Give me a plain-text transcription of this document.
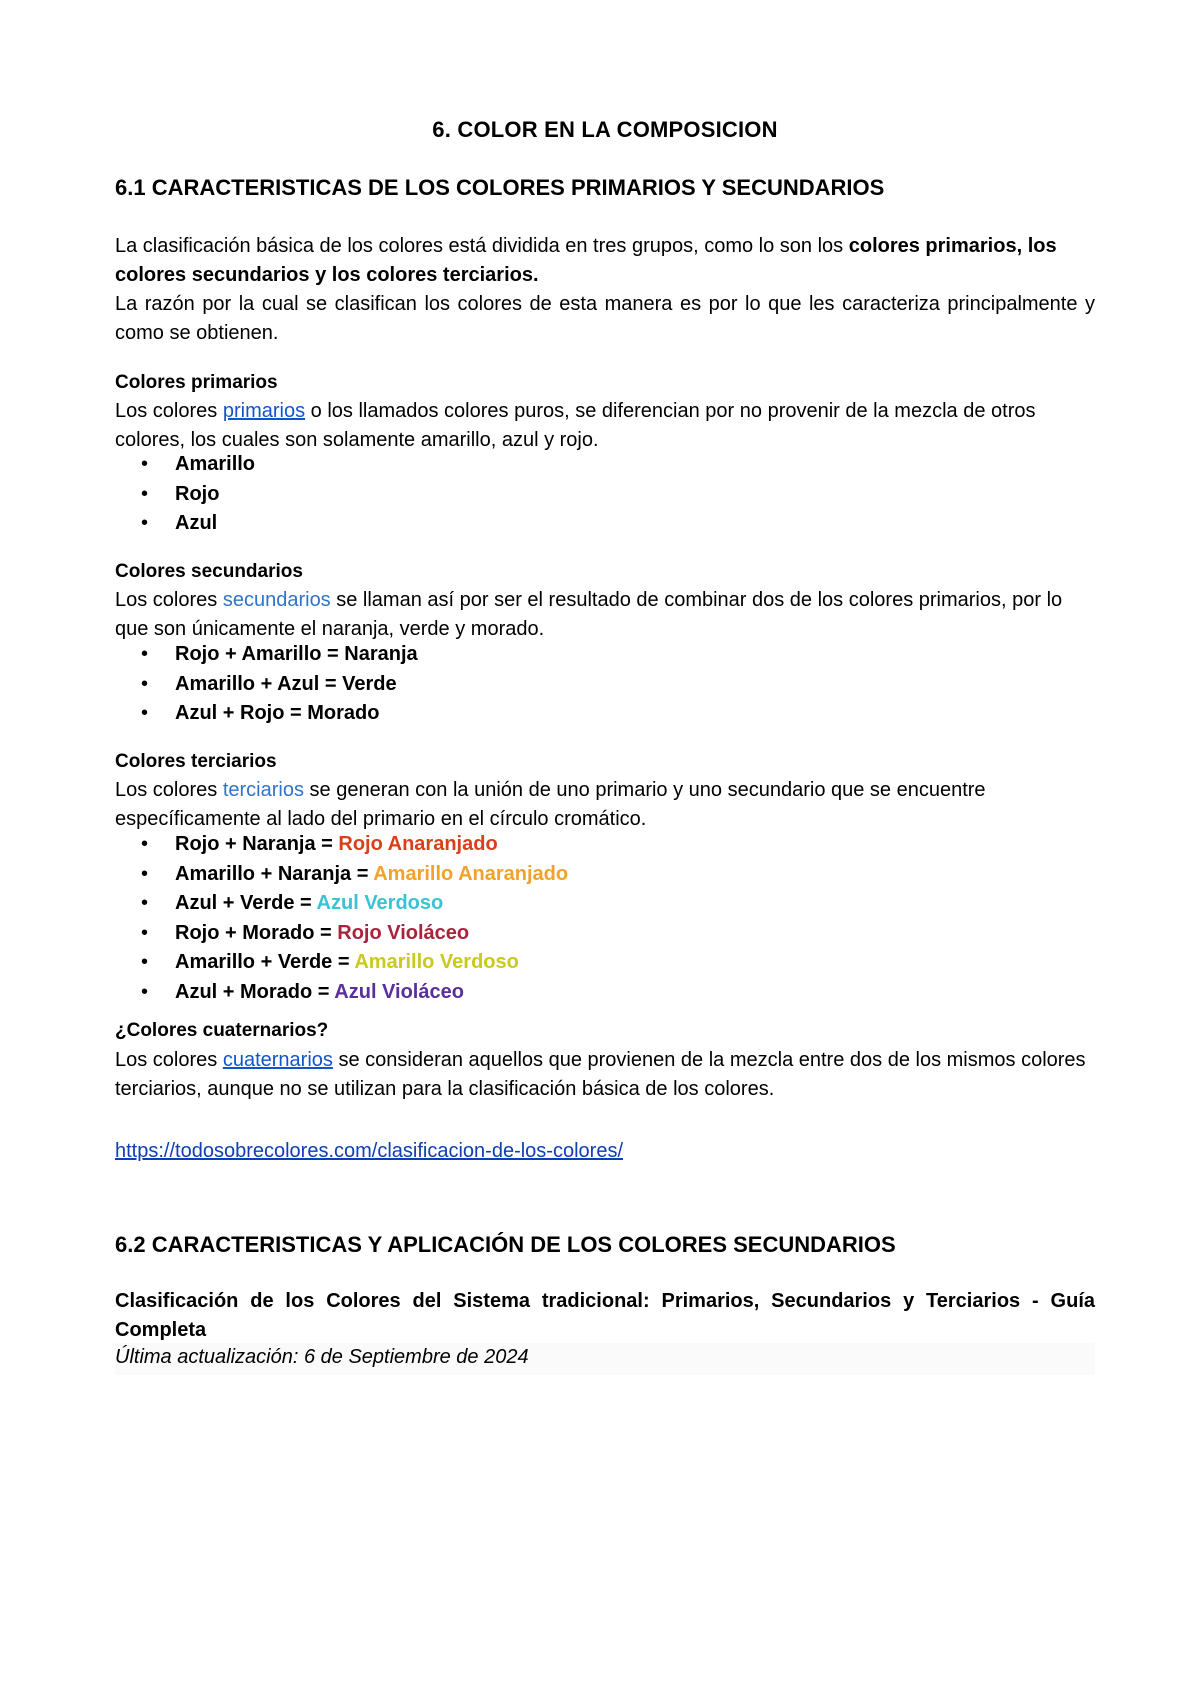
6. COLOR EN LA COMPOSICION
6.1 CARACTERISTICAS DE LOS COLORES PRIMARIOS Y SECUNDARIOS
La clasificación básica de los colores está dividida en tres grupos, como lo son los colores primarios, los colores secundarios y los colores terciarios.
La razón por la cual se clasifican los colores de esta manera es por lo que les caracteriza principalmente y como se obtienen.
Colores primarios
Los colores primarios o los llamados colores puros, se diferencian por no provenir de la mezcla de otros colores, los cuales son solamente amarillo, azul y rojo.
• Amarillo
• Rojo
• Azul
Colores secundarios
Los colores secundarios se llaman así por ser el resultado de combinar dos de los colores primarios, por lo que son únicamente el naranja, verde y morado.
• Rojo + Amarillo = Naranja
• Amarillo + Azul = Verde
• Azul + Rojo = Morado
Colores terciarios
Los colores terciarios se generan con la unión de uno primario y uno secundario que se encuentre específicamente al lado del primario en el círculo cromático.
• Rojo + Naranja = Rojo Anaranjado
• Amarillo + Naranja = Amarillo Anaranjado
• Azul + Verde = Azul Verdoso
• Rojo + Morado = Rojo Violáceo
• Amarillo + Verde = Amarillo Verdoso
• Azul + Morado = Azul Violáceo
¿Colores cuaternarios?
Los colores cuaternarios se consideran aquellos que provienen de la mezcla entre dos de los mismos colores terciarios, aunque no se utilizan para la clasificación básica de los colores.
https://todosobrecolores.com/clasificacion-de-los-colores/
6.2 CARACTERISTICAS Y APLICACIÓN DE LOS COLORES SECUNDARIOS
Clasificación de los Colores del Sistema tradicional: Primarios, Secundarios y Terciarios - Guía Completa
Última actualización: 6 de Septiembre de 2024
